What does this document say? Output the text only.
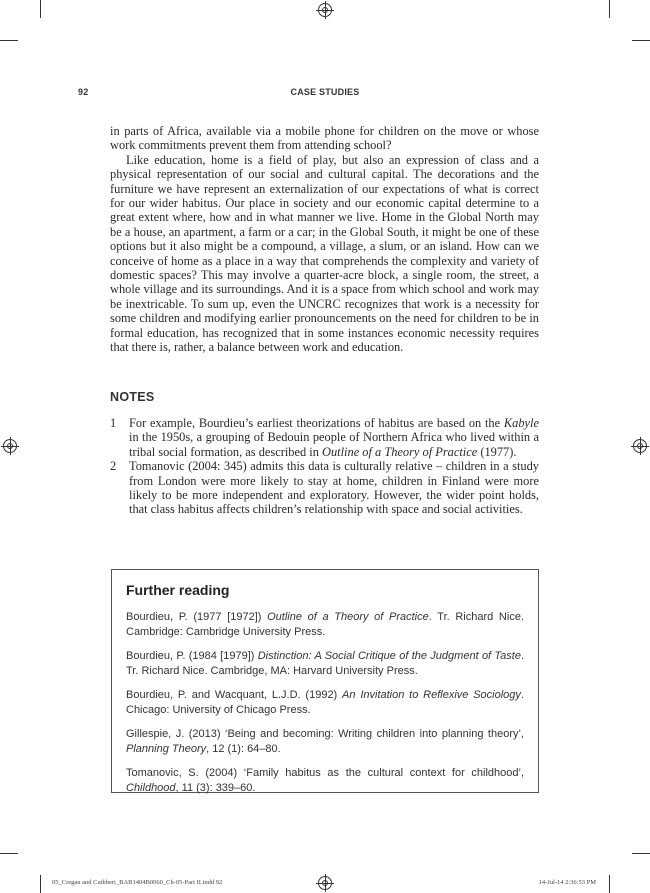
92	CASE STUDIES

in parts of Africa, available via a mobile phone for children on the move or whose work commitments prevent them from attending school?

Like education, home is a field of play, but also an expression of class and a physical representation of our social and cultural capital. The decorations and the furniture we have represent an externalization of our expectations of what is correct for our wider habitus. Our place in society and our economic capital determine to a great extent where, how and in what manner we live. Home in the Global North may be a house, an apartment, a farm or a car; in the Global South, it might be one of these options but it also might be a compound, a village, a slum, or an island. How can we conceive of home as a place in a way that comprehends the complexity and variety of domestic spaces? This may involve a quarter-acre block, a single room, the street, a whole village and its surroundings. And it is a space from which school and work may be inextricable. To sum up, even the UNCRC recognizes that work is a necessity for some children and modifying earlier pronouncements on the need for children to be in formal education, has recognized that in some instances economic necessity requires that there is, rather, a balance between work and education.

NOTES
1 For example, Bourdieu’s earliest theorizations of habitus are based on the Kabyle in the 1950s, a grouping of Bedouin people of Northern Africa who lived within a tribal social formation, as described in Outline of a Theory of Practice (1977).
2 Tomanovic (2004: 345) admits this data is culturally relative – children in a study from London were more likely to stay at home, children in Finland were more likely to be more independent and exploratory. However, the wider point holds, that class habitus affects children’s relationship with space and social activities.
Further reading

Bourdieu, P. (1977 [1972]) Outline of a Theory of Practice. Tr. Richard Nice. Cambridge: Cambridge University Press.

Bourdieu, P. (1984 [1979]) Distinction: A Social Critique of the Judgment of Taste. Tr. Richard Nice. Cambridge, MA: Harvard University Press.

Bourdieu, P. and Wacquant, L.J.D. (1992) An Invitation to Reflexive Sociology. Chicago: University of Chicago Press.

Gillespie, J. (2013) ‘Being and becoming: Writing children into planning theory’, Planning Theory, 12 (1): 64–80.

Tomanovic, S. (2004) ‘Family habitus as the cultural context for childhood’, Childhood, 11 (3): 339–60.

05_Cregan and Cuthbert_BAB1404B0060_Ch-05-Part II.indd 92	14-Jul-14 2:36:53 PM
